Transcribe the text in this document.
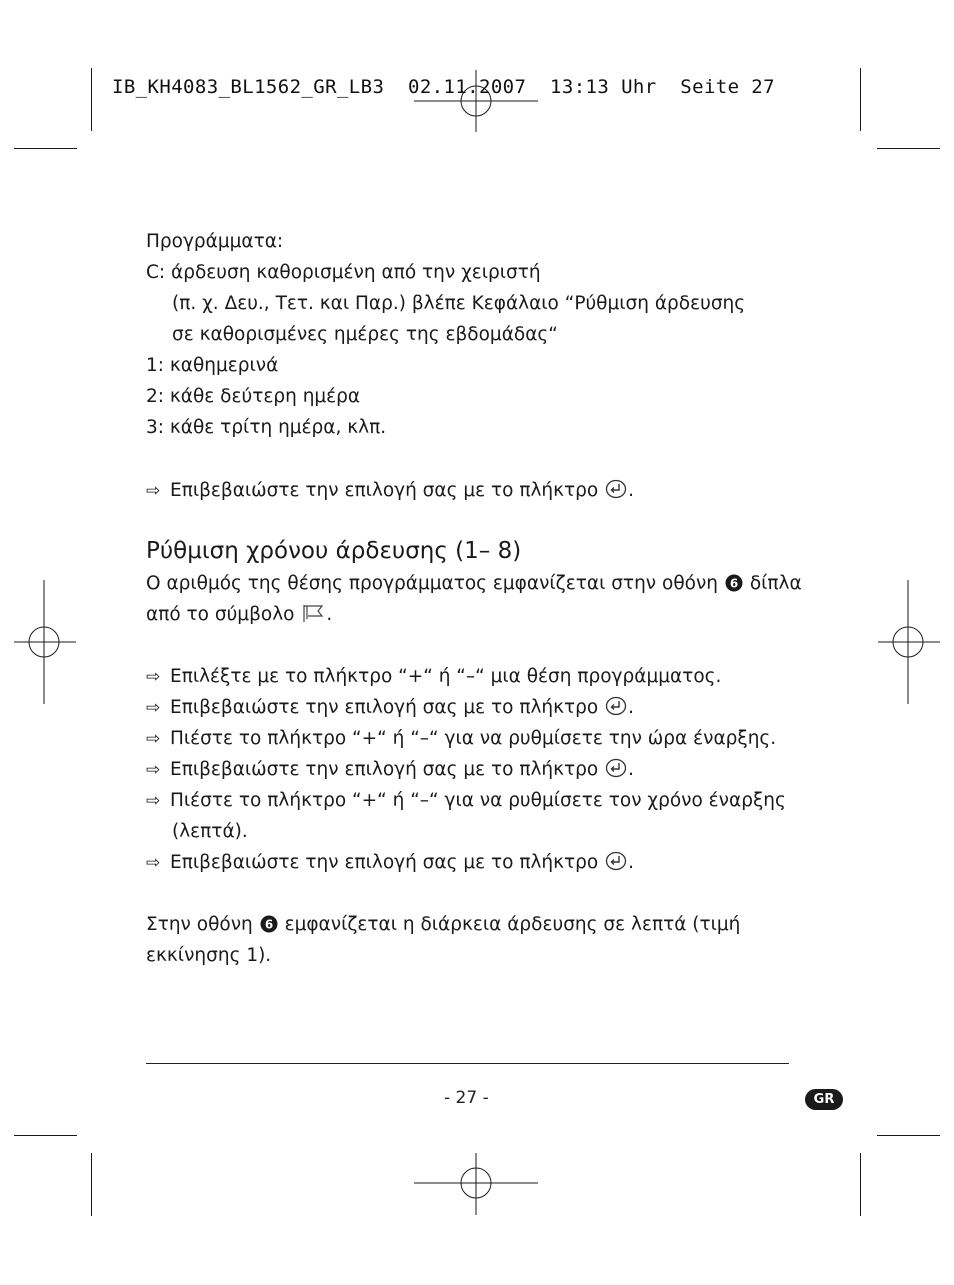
IB_KH4083_BL1562_GR_LB3  02.11.2007  13:13 Uhr  Seite 27
Προγράμματα:
C: άρδευση καθορισμένη από την χειριστή
(π. χ. Δευ., Τετ. και Παρ.) βλέπε Κεφάλαιο “Ρύθμιση άρδευσης
σε καθορισμένες ημέρες της εβδομάδας“
1: καθημερινά
2: κάθε δεύτερη ημέρα
3: κάθε τρίτη ημέρα, κλπ.
⇨ Επιβεβαιώστε την επιλογή σας με το πλήκτρο .
Ρύθμιση χρόνου άρδευσης (1– 8)
Ο αριθμός της θέσης προγράμματος εμφανίζεται στην οθόνη 6 δίπλα
από το σύμβολο .
⇨ Επιλέξτε με το πλήκτρο “+“ ή “–“ μια θέση προγράμματος.
⇨ Επιβεβαιώστε την επιλογή σας με το πλήκτρο .
⇨ Πιέστε το πλήκτρο “+“ ή “–“ για να ρυθμίσετε την ώρα έναρξης.
⇨ Επιβεβαιώστε την επιλογή σας με το πλήκτρο .
⇨ Πιέστε το πλήκτρο “+“ ή “–“ για να ρυθμίσετε τον χρόνο έναρξης
(λεπτά).
⇨ Επιβεβαιώστε την επιλογή σας με το πλήκτρο .
Στην οθόνη 6 εμφανίζεται η διάρκεια άρδευσης σε λεπτά (τιμή
εκκίνησης 1).
- 27 -	GR
